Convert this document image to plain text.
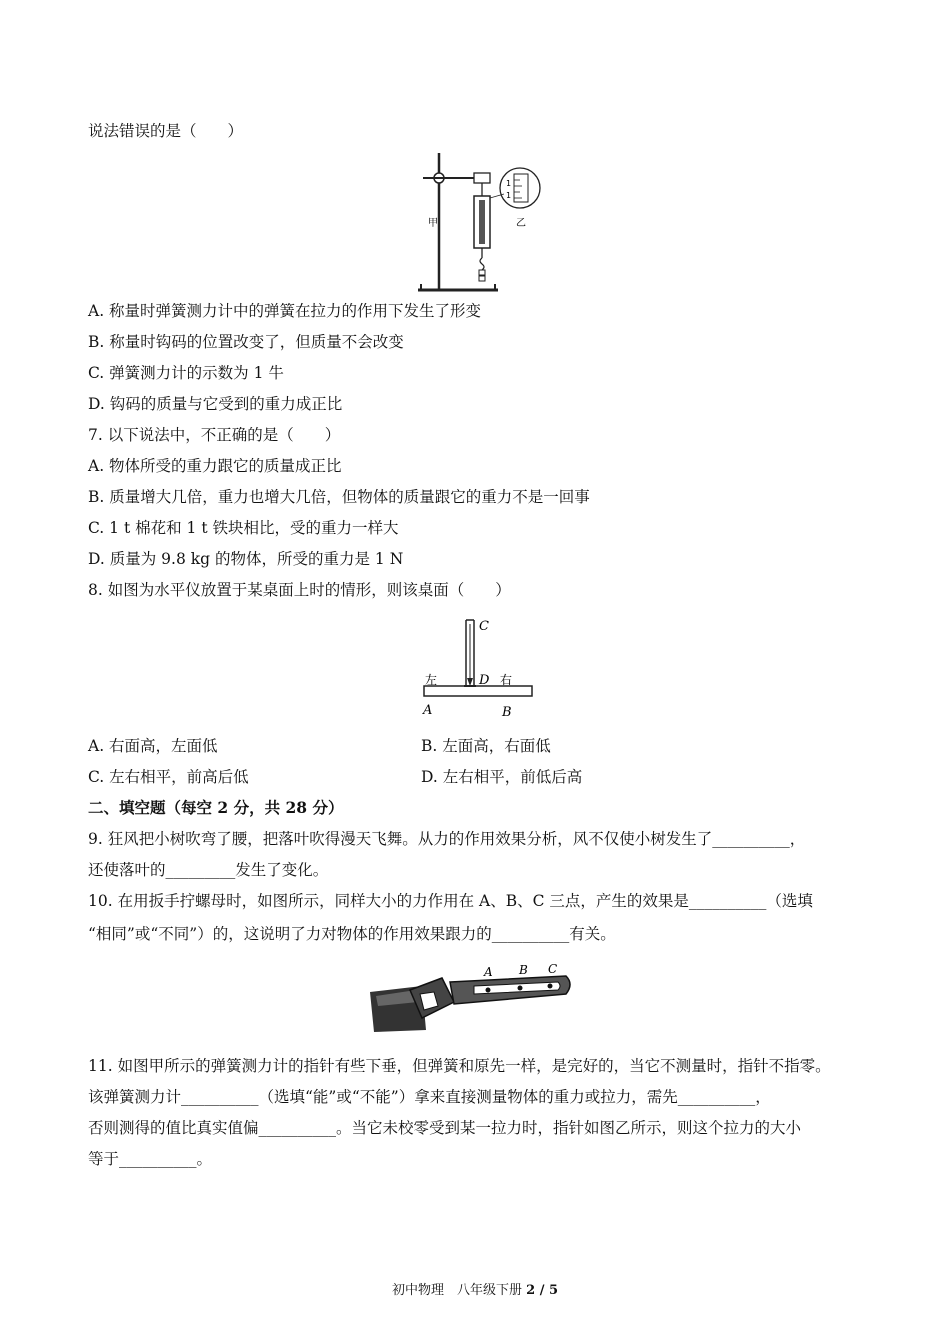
说法错误的是（　　）
甲	乙
1
1
A. 称量时弹簧测力计中的弹簧在拉力的作用下发生了形变
B. 称量时钩码的位置改变了，但质量不会改变
C. 弹簧测力计的示数为 1 牛
D. 钩码的质量与它受到的重力成正比
7. 以下说法中，不正确的是（　　）
A. 物体所受的重力跟它的质量成正比
B. 质量增大几倍，重力也增大几倍，但物体的质量跟它的重力不是一回事
C. 1 t 棉花和 1 t 铁块相比，受的重力一样大
D. 质量为 9.8 kg 的物体，所受的重力是 1 N
8. 如图为水平仪放置于某桌面上时的情形，则该桌面（　　）
C
D
左	右
A	B
A. 右面高，左面低	B. 左面高，右面低
C. 左右相平，前高后低	D. 左右相平，前低后高
二、填空题（每空 2 分，共 28 分）
9. 狂风把小树吹弯了腰，把落叶吹得漫天飞舞。从力的作用效果分析，风不仅使小树发生了__________，
还使落叶的_________发生了变化。
10. 在用扳手拧螺母时，如图所示，同样大小的力作用在 A、B、C 三点，产生的效果是__________（选填
“相同”或“不同”）的，这说明了力对物体的作用效果跟力的__________有关。
A B C
11. 如图甲所示的弹簧测力计的指针有些下垂，但弹簧和原先一样，是完好的，当它不测量时，指针不指零。
该弹簧测力计__________（选填“能”或“不能”）拿来直接测量物体的重力或拉力，需先__________，
否则测得的值比真实值偏__________。当它未校零受到某一拉力时，指针如图乙所示，则这个拉力的大小
等于__________。
初中物理　八年级下册 2 / 5
